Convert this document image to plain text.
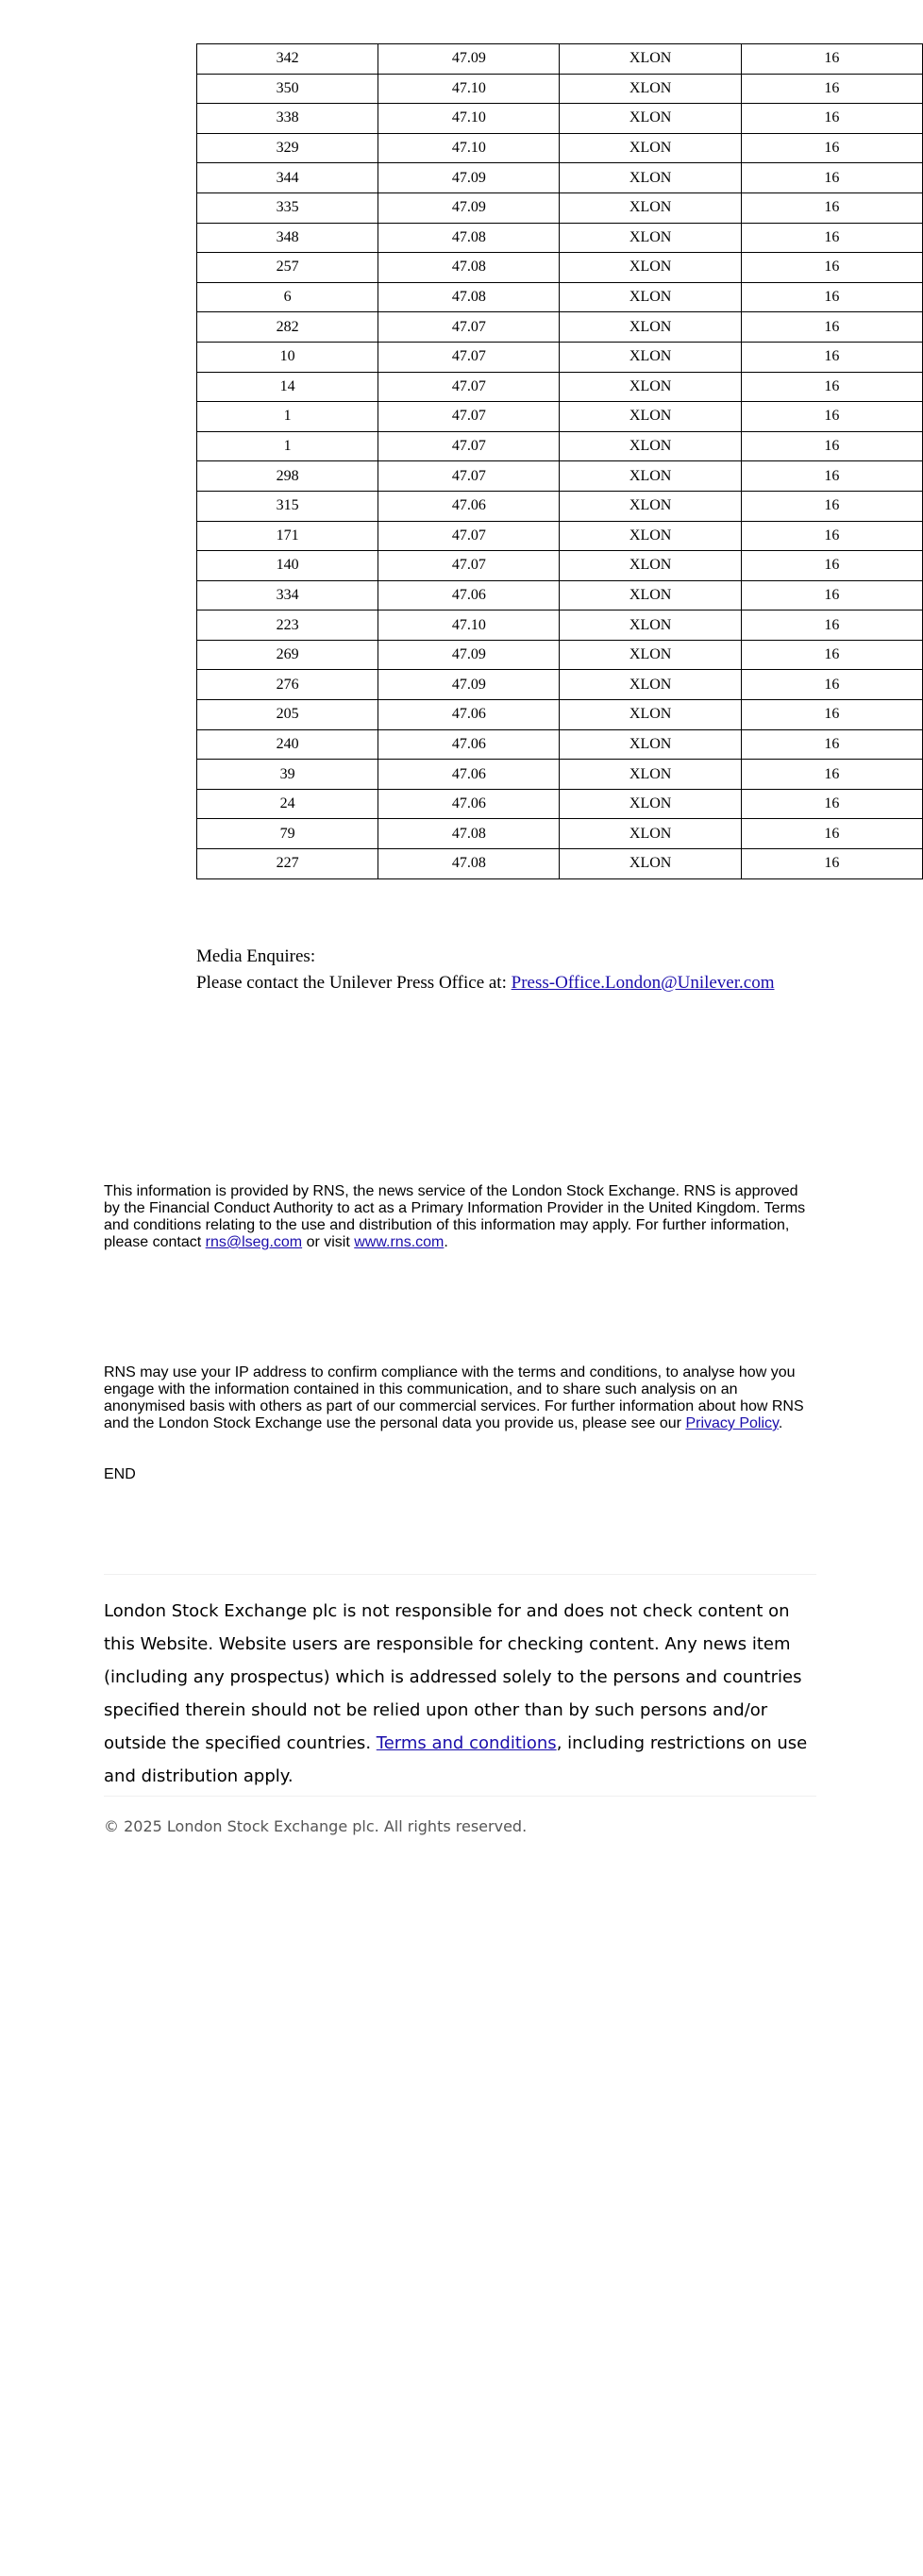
342	47.09	XLON	16
350	47.10	XLON	16
338	47.10	XLON	16
329	47.10	XLON	16
344	47.09	XLON	16
335	47.09	XLON	16
348	47.08	XLON	16
257	47.08	XLON	16
6	47.08	XLON	16
282	47.07	XLON	16
10	47.07	XLON	16
14	47.07	XLON	16
1	47.07	XLON	16
1	47.07	XLON	16
298	47.07	XLON	16
315	47.06	XLON	16
171	47.07	XLON	16
140	47.07	XLON	16
334	47.06	XLON	16
223	47.10	XLON	16
269	47.09	XLON	16
276	47.09	XLON	16
205	47.06	XLON	16
240	47.06	XLON	16
39	47.06	XLON	16
24	47.06	XLON	16
79	47.08	XLON	16
227	47.08	XLON	16
Media Enquires:
Please contact the Unilever Press Office at: Press-Office.London@Unilever.com
This information is provided by RNS, the news service of the London Stock Exchange. RNS is approved by the Financial Conduct Authority to act as a Primary Information Provider in the United Kingdom. Terms and conditions relating to the use and distribution of this information may apply. For further information, please contact rns@lseg.com or visit www.rns.com.
RNS may use your IP address to confirm compliance with the terms and conditions, to analyse how you engage with the information contained in this communication, and to share such analysis on an anonymised basis with others as part of our commercial services. For further information about how RNS and the London Stock Exchange use the personal data you provide us, please see our Privacy Policy.
END
London Stock Exchange plc is not responsible for and does not check content on this Website. Website users are responsible for checking content. Any news item (including any prospectus) which is addressed solely to the persons and countries specified therein should not be relied upon other than by such persons and/or outside the specified countries. Terms and conditions, including restrictions on use and distribution apply.
© 2025 London Stock Exchange plc. All rights reserved.
